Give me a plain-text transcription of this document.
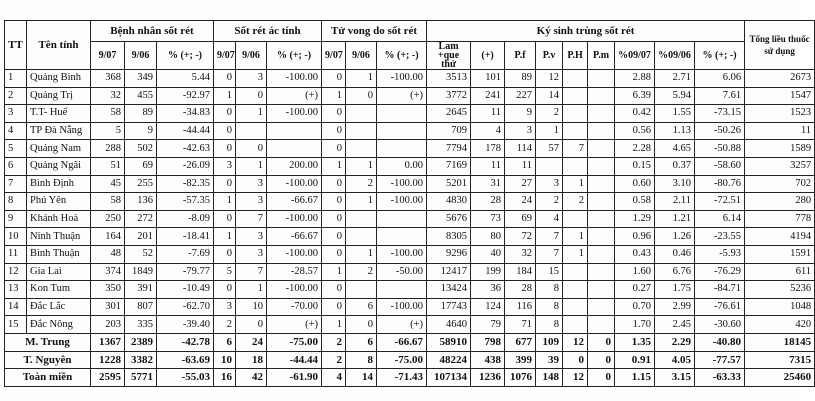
TT	Tên tỉnh	Bệnh nhân sốt rét			Sốt rét ác tính			Tử vong do sốt rét			Ký sinh trùng sốt rét									Tổng liều thuốc sử dụng
		9/07	9/06	% (+; -)	9/07	9/06	% (+; -)	9/07	9/06	% (+; -)	Lam +que thử	(+)	P.f	P.v	P.H	P.m	%09/07	%09/06	% (+; -)	
1	Quảng Bình	368	349	5.44	0	3	-100.00	0	1	-100.00	3513	101	89	12			2.88	2.71	6.06	2673
2	Quảng Trị	32	455	-92.97	1	0	(+)	1	0	(+)	3772	241	227	14			6.39	5.94	7.61	1547
3	T.T- Huế	58	89	-34.83	0	1	-100.00	0			2645	11	9	2			0.42	1.55	-73.15	1523
4	TP Đà Nẵng	5	9	-44.44	0			0			709	4	3	1			0.56	1.13	-50.26	11
5	Quảng Nam	288	502	-42.63	0	0		0			7794	178	114	57	7		2.28	4.65	-50.88	1589
6	Quảng Ngãi	51	69	-26.09	3	1	200.00	1	1	0.00	7169	11	11				0.15	0.37	-58.60	3257
7	Bình Định	45	255	-82.35	0	3	-100.00	0	2	-100.00	5201	31	27	3	1		0.60	3.10	-80.76	702
8	Phú Yên	58	136	-57.35	1	3	-66.67	0	1	-100.00	4830	28	24	2	2		0.58	2.11	-72.51	280
9	Khánh Hoà	250	272	-8.09	0	7	-100.00	0			5676	73	69	4			1.29	1.21	6.14	778
10	Ninh Thuận	164	201	-18.41	1	3	-66.67	0			8305	80	72	7	1		0.96	1.26	-23.55	4194
11	Bình Thuận	48	52	-7.69	0	3	-100.00	0	1	-100.00	9296	40	32	7	1		0.43	0.46	-5.93	1591
12	Gia Lai	374	1849	-79.77	5	7	-28.57	1	2	-50.00	12417	199	184	15			1.60	6.76	-76.29	611
13	Kon Tum	350	391	-10.49	0	1	-100.00	0			13424	36	28	8			0.27	1.75	-84.71	5236
14	Đắc Lắc	301	807	-62.70	3	10	-70.00	0	6	-100.00	17743	124	116	8			0.70	2.99	-76.61	1048
15	Đắc Nông	203	335	-39.40	2	0	(+)	1	0	(+)	4640	79	71	8			1.70	2.45	-30.60	420
M. Trung		1367	2389	-42.78	6	24	-75.00	2	6	-66.67	58910	798	677	109	12	0	1.35	2.29	-40.80	18145
T. Nguyên		1228	3382	-63.69	10	18	-44.44	2	8	-75.00	48224	438	399	39	0	0	0.91	4.05	-77.57	7315
Toàn miền		2595	5771	-55.03	16	42	-61.90	4	14	-71.43	107134	1236	1076	148	12	0	1.15	3.15	-63.33	25460
